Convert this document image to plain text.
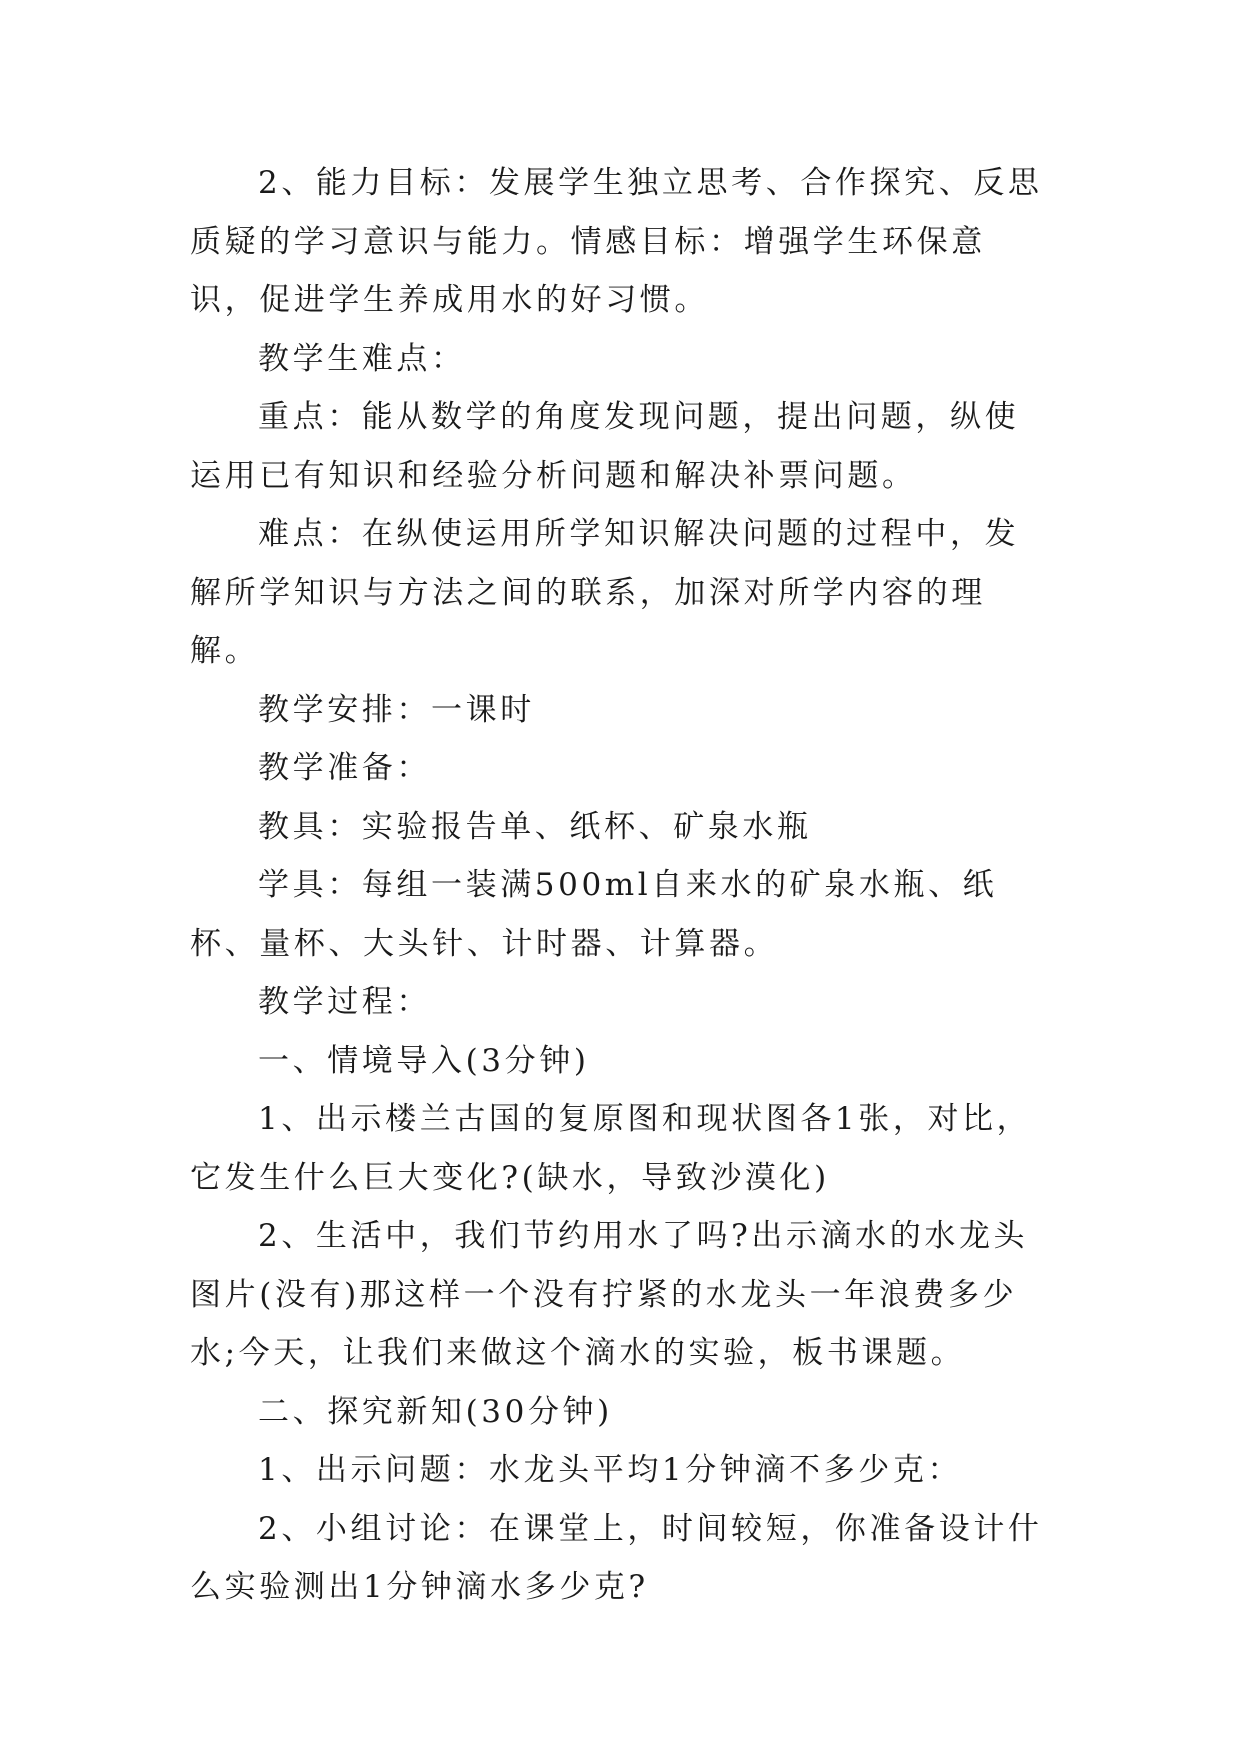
2、能力目标：发展学生独立思考、合作探究、反思质疑的学习意识与能力。情感目标：增强学生环保意识，促进学生养成用水的好习惯。

教学生难点：

重点：能从数学的角度发现问题，提出问题，纵使运用已有知识和经验分析问题和解决补票问题。

难点：在纵使运用所学知识解决问题的过程中，发解所学知识与方法之间的联系，加深对所学内容的理解。

教学安排：一课时

教学准备：

教具：实验报告单、纸杯、矿泉水瓶

学具：每组一装满500ml自来水的矿泉水瓶、纸杯、量杯、大头针、计时器、计算器。

教学过程：

一、情境导入(3分钟)

1、出示楼兰古国的复原图和现状图各1张，对比，它发生什么巨大变化?(缺水，导致沙漠化)

2、生活中，我们节约用水了吗?出示滴水的水龙头图片(没有)那这样一个没有拧紧的水龙头一年浪费多少水;今天，让我们来做这个滴水的实验，板书课题。

二、探究新知(30分钟)

1、出示问题：水龙头平均1分钟滴不多少克：

2、小组讨论：在课堂上，时间较短，你准备设计什么实验测出1分钟滴水多少克?
